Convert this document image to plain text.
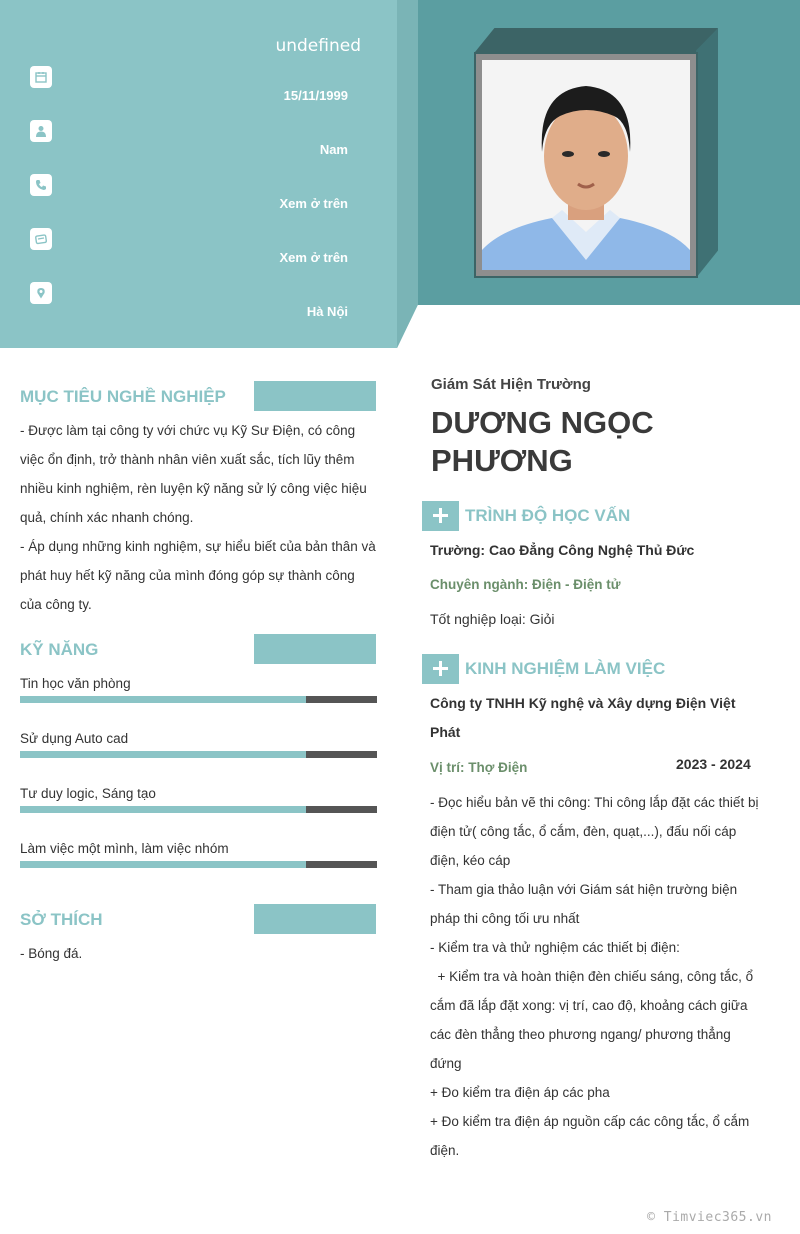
undefined
15/11/1999
Nam
Xem ở trên
Xem ở trên
Hà Nội
MỤC TIÊU NGHỀ NGHIỆP
- Được làm tại công ty với chức vụ Kỹ Sư Điện, có công việc ổn định, trở thành nhân viên xuất sắc, tích lũy thêm nhiều kinh nghiệm, rèn luyện kỹ năng sử lý công việc hiệu quả, chính xác nhanh chóng.
- Áp dụng những kinh nghiệm, sự hiểu biết của bản thân và phát huy hết kỹ năng của mình đóng góp sự thành công của công ty.
KỸ NĂNG
Tin học văn phòng
Sử dụng Auto cad
Tư duy logic, Sáng tạo
Làm việc một mình, làm việc nhóm
SỞ THÍCH
- Bóng đá.
Giám Sát Hiện Trường
DƯƠNG NGỌC PHƯƠNG
TRÌNH ĐỘ HỌC VẤN
Trường: Cao Đẳng Công Nghệ Thủ Đức
Chuyên ngành: Điện - Điện tử
Tốt nghiệp loại: Giỏi
KINH NGHIỆM LÀM VIỆC
Công ty TNHH Kỹ nghệ và Xây dựng Điện Việt Phát
Vị trí: Thợ Điện	2023 - 2024
- Đọc hiểu bản vẽ thi công: Thi công lắp đặt các thiết bị điện tử( công tắc, ổ cắm, đèn, quạt,...), đấu nối cáp điện, kéo cáp
- Tham gia thảo luận với Giám sát hiện trường biện pháp thi công tối ưu nhất
- Kiểm tra và thử nghiệm các thiết bị điện:
+ Kiểm tra và hoàn thiện đèn chiếu sáng, công tắc, ổ cắm đã lắp đặt xong: vị trí, cao độ, khoảng cách giữa các đèn thẳng theo phương ngang/ phương thẳng đứng
+ Đo kiểm tra điện áp các pha
+ Đo kiểm tra điện áp nguồn cấp các công tắc, ổ cắm điện.
© Timviec365.vn
